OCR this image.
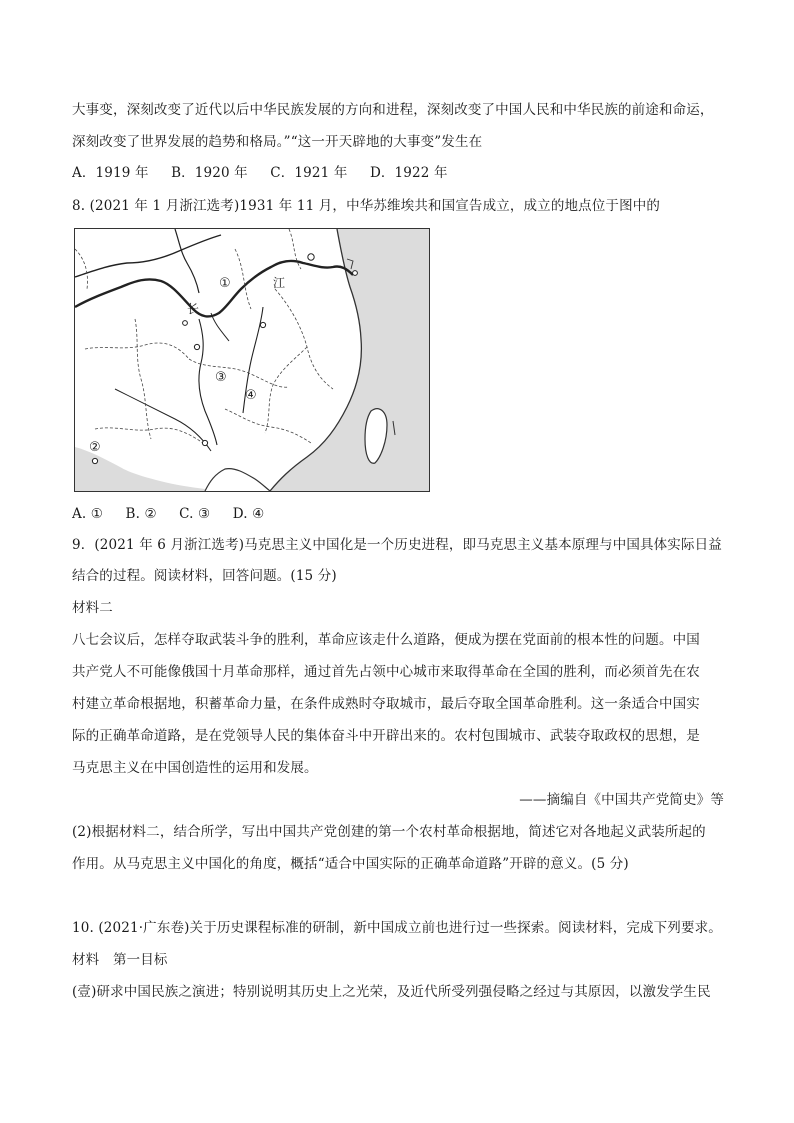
大事变，深刻改变了近代以后中华民族发展的方向和进程，深刻改变了中国人民和中华民族的前途和命运，
深刻改变了世界发展的趋势和格局。”“这一开天辟地的大事变”发生在
A．1919 年 B．1920 年 C．1921 年 D．1922 年
8. (2021 年 1 月浙江选考)1931 年 11 月，中华苏维埃共和国宣告成立，成立的地点位于图中的
①
②
③
④
长
江
A. ① B. ② C. ③ D. ④
9．(2021 年 6 月浙江选考)马克思主义中国化是一个历史进程，即马克思主义基本原理与中国具体实际日益
结合的过程。阅读材料，回答问题。(15 分)
材料二
八七会议后，怎样夺取武装斗争的胜利，革命应该走什么道路，便成为摆在党面前的根本性的问题。中国
共产党人不可能像俄国十月革命那样，通过首先占领中心城市来取得革命在全国的胜利，而必须首先在农
村建立革命根据地，积蓄革命力量，在条件成熟时夺取城市，最后夺取全国革命胜利。这一条适合中国实
际的正确革命道路，是在党领导人民的集体奋斗中开辟出来的。农村包围城市、武装夺取政权的思想，是
马克思主义在中国创造性的运用和发展。
——摘编自《中国共产党简史》等
(2)根据材料二，结合所学，写出中国共产党创建的第一个农村革命根据地，简述它对各地起义武装所起的
作用。从马克思主义中国化的角度，概括“适合中国实际的正确革命道路”开辟的意义。(5 分)
10. (2021·广东卷)关于历史课程标准的研制，新中国成立前也进行过一些探索。阅读材料，完成下列要求。
材料　第一目标
(壹)研求中国民族之演进；特别说明其历史上之光荣，及近代所受列强侵略之经过与其原因，以激发学生民
